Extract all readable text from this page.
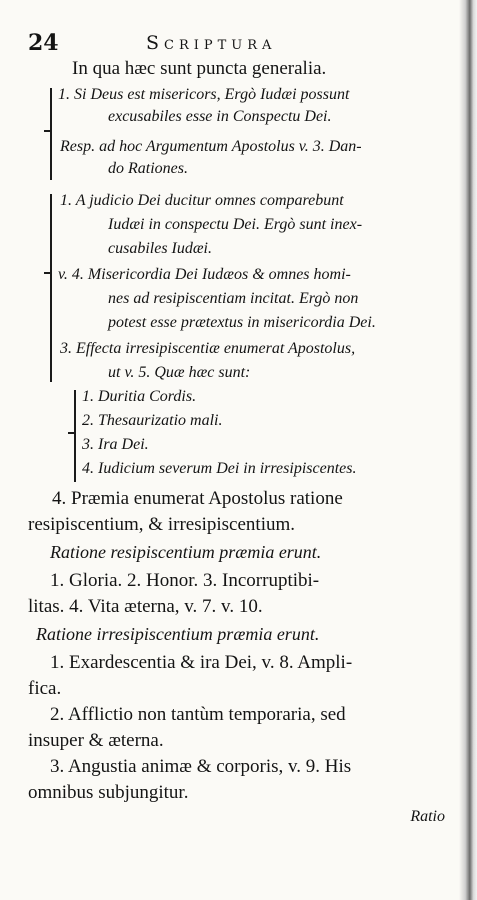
24	Scriptura
In qua hæc sunt puncta generalia.
1. Si Deus est misericors, Ergò Iudæi possunt
excusabiles esse in Conspectu Dei.
Resp. ad hoc Argumentum Apostolus v. 3. Dan-
do Rationes.
1. A judicio Dei ducitur omnes comparebunt
Iudæi in conspectu Dei. Ergò sunt inex-
cusabiles Iudæi.
v. 4. Misericordia Dei Iudæos & omnes homi-
nes ad resipiscentiam incitat. Ergò non
potest esse prætextus in misericordia Dei.
3. Effecta irresipiscentiæ enumerat Apostolus,
ut v. 5. Quæ hæc sunt:
1. Duritia Cordis.
2. Thesaurizatio mali.
3. Ira Dei.
4. Iudicium severum Dei in irresipiscentes.
4. Præmia enumerat Apostolus ratione
resipiscentium, & irresipiscentium.
Ratione resipiscentium præmia erunt.
1. Gloria. 2. Honor. 3. Incorruptibi-
litas. 4. Vita æterna, v. 7. v. 10.
Ratione irresipiscentium præmia erunt.
1. Exardescentia & ira Dei, v. 8. Ampli-
fica.
2. Afflictio non tantùm temporaria, sed
insuper & æterna.
3. Angustia animæ & corporis, v. 9. His
omnibus subjungitur.
Ratio
